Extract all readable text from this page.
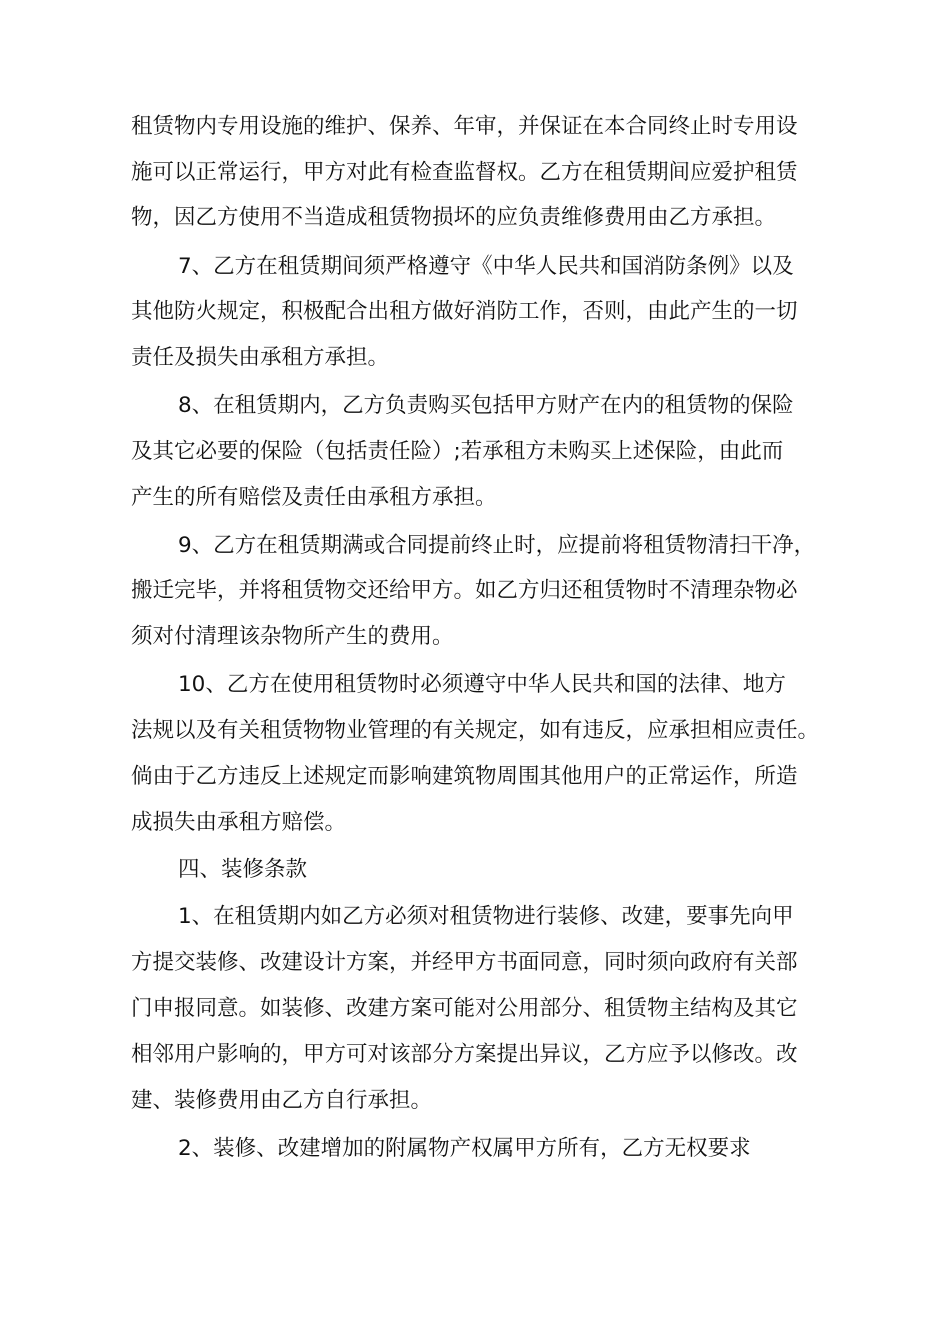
租赁物内专用设施的维护、保养、年审，并保证在本合同终止时专用设

施可以正常运行，甲方对此有检查监督权。乙方在租赁期间应爱护租赁

物，因乙方使用不当造成租赁物损坏的应负责维修费用由乙方承担。

7、乙方在租赁期间须严格遵守《中华人民共和国消防条例》以及

其他防火规定，积极配合出租方做好消防工作，否则，由此产生的一切

责任及损失由承租方承担。

8、在租赁期内，乙方负责购买包括甲方财产在内的租赁物的保险

及其它必要的保险（包括责任险）;若承租方未购买上述保险，由此而

产生的所有赔偿及责任由承租方承担。

9、乙方在租赁期满或合同提前终止时，应提前将租赁物清扫干净，

搬迁完毕，并将租赁物交还给甲方。如乙方归还租赁物时不清理杂物必

须对付清理该杂物所产生的费用。

10、乙方在使用租赁物时必须遵守中华人民共和国的法律、地方

法规以及有关租赁物物业管理的有关规定，如有违反，应承担相应责任。

倘由于乙方违反上述规定而影响建筑物周围其他用户的正常运作，所造

成损失由承租方赔偿。

四、装修条款

1、在租赁期内如乙方必须对租赁物进行装修、改建，要事先向甲

方提交装修、改建设计方案，并经甲方书面同意，同时须向政府有关部

门申报同意。如装修、改建方案可能对公用部分、租赁物主结构及其它

相邻用户影响的，甲方可对该部分方案提出异议，乙方应予以修改。改

建、装修费用由乙方自行承担。

2、装修、改建增加的附属物产权属甲方所有，乙方无权要求
